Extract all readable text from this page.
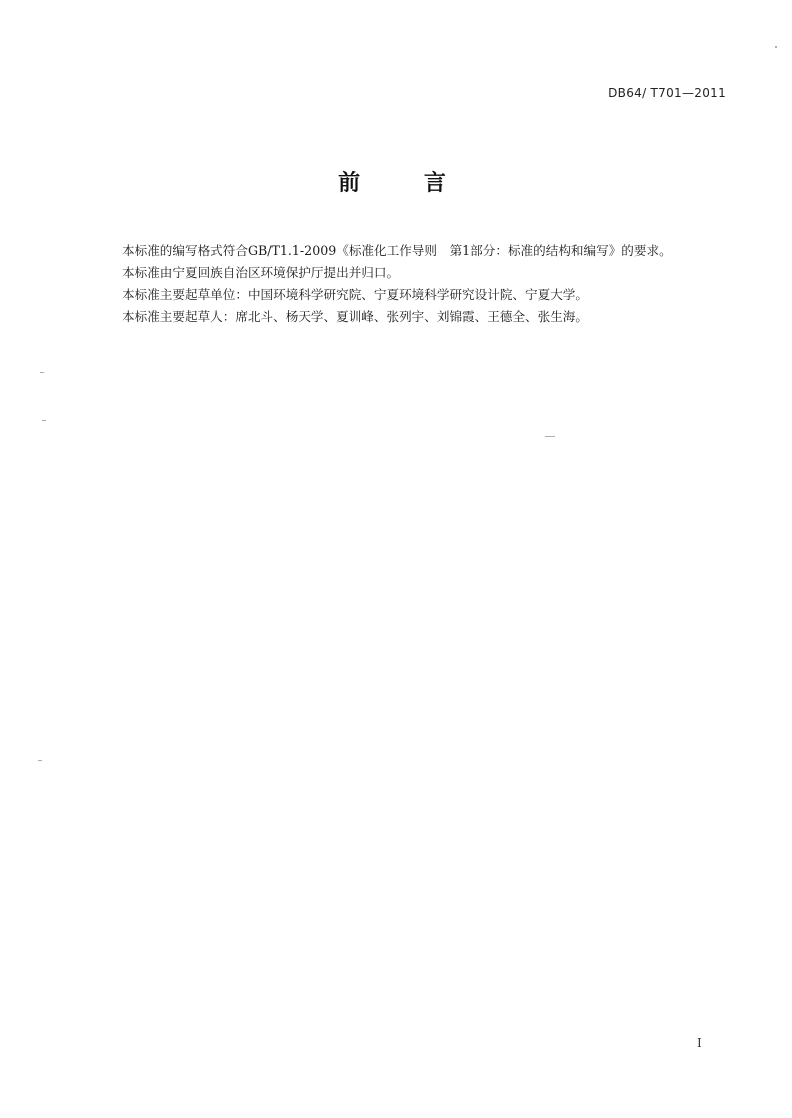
DB64/ T701—2011
前 言

本标准的编写格式符合GB/T1.1-2009《标准化工作导则　第1部分：标准的结构和编写》的要求。

本标准由宁夏回族自治区环境保护厅提出并归口。

本标准主要起草单位：中国环境科学研究院、宁夏环境科学研究设计院、宁夏大学。

本标准主要起草人：席北斗、杨天学、夏训峰、张列宇、刘锦霞、王德全、张生海。

I
